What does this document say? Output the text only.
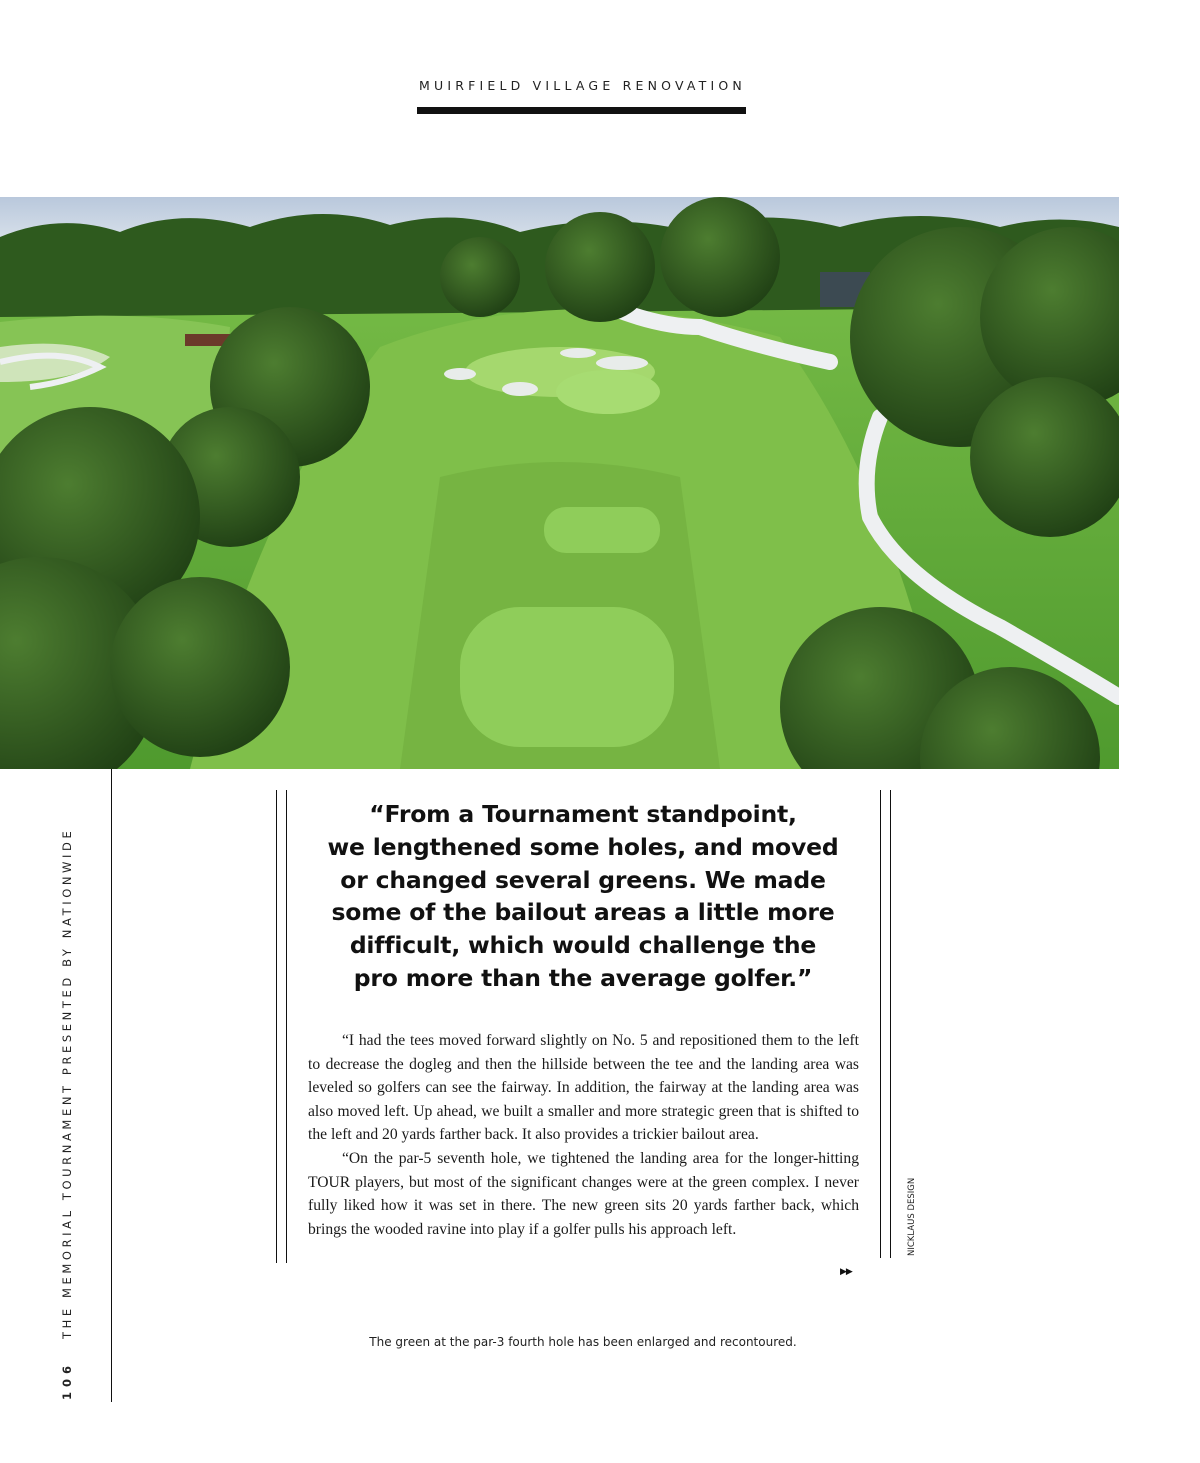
MUIRFIELD VILLAGE RENOVATION
106THE MEMORIAL TOURNAMENT PRESENTED BY NATIONWIDE
“From a Tournament standpoint,
we lengthened some holes, and moved
or changed several greens. We made
some of the bailout areas a little more
difficult, which would challenge the
pro more than the average golfer.”

“I had the tees moved forward slightly on No. 5 and repositioned them to the left to decrease the dogleg and then the hillside between the tee and the landing area was leveled so golfers can see the fairway. In addition, the fairway at the landing area was also moved left. Up ahead, we built a smaller and more strategic green that is shifted to the left and 20 yards farther back. It also provides a trickier bailout area.

“On the par-5 seventh hole, we tightened the landing area for the longer-hitting TOUR players, but most of the significant changes were at the green complex. I never fully liked how it was set in there. The new green sits 20 yards farther back, which brings the wooded ravine into play if a golfer pulls his approach left.

▶▶
NICKLAUS DESIGN
The green at the par-3 fourth hole has been enlarged and recontoured.
